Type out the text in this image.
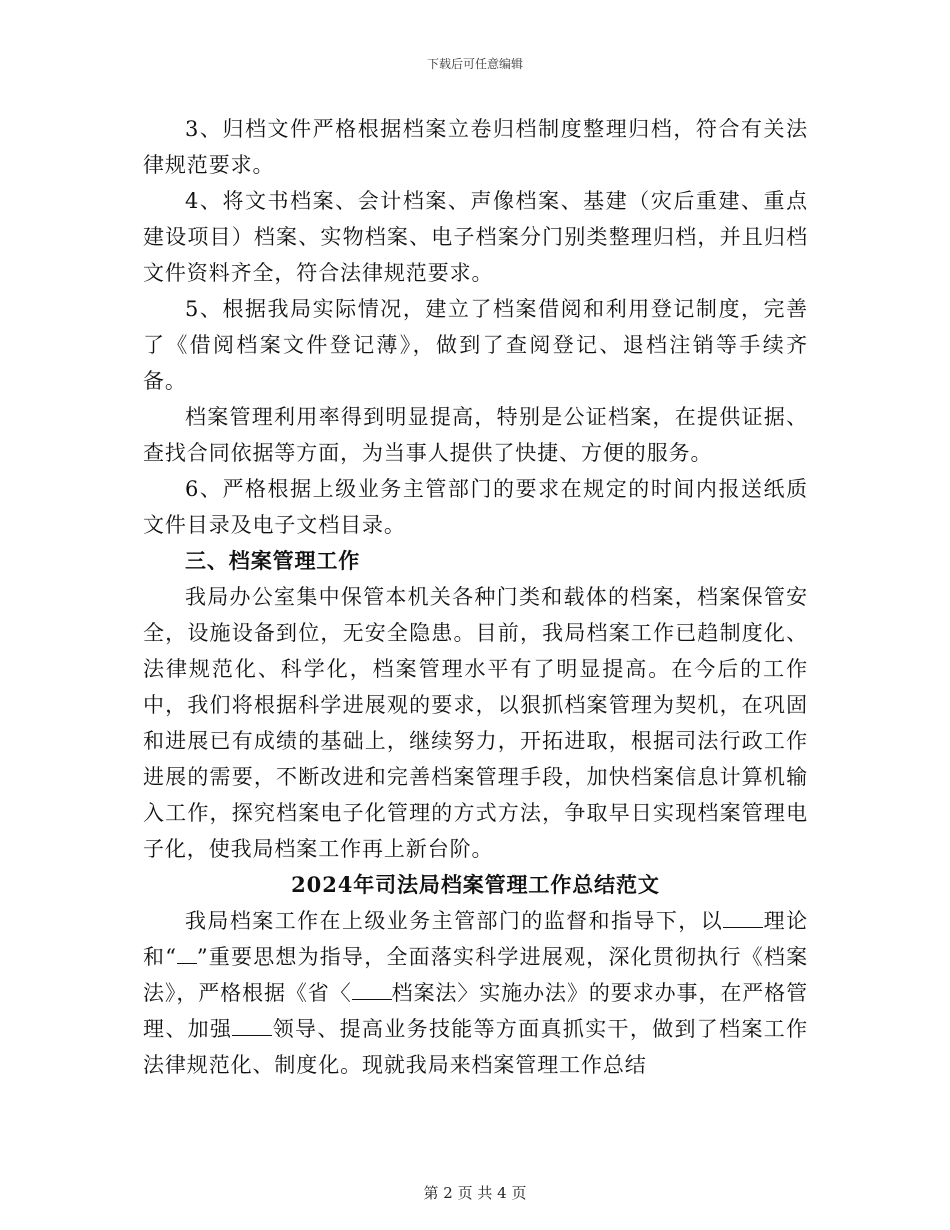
下载后可任意编辑

3、归档文件严格根据档案立卷归档制度整理归档，符合有关法律规范要求。

4、将文书档案、会计档案、声像档案、基建（灾后重建、重点建设项目）档案、实物档案、电子档案分门别类整理归档，并且归档文件资料齐全，符合法律规范要求。

5、根据我局实际情况，建立了档案借阅和利用登记制度，完善了《借阅档案文件登记薄》，做到了查阅登记、退档注销等手续齐备。

档案管理利用率得到明显提高，特别是公证档案，在提供证据、查找合同依据等方面，为当事人提供了快捷、方便的服务。

6、严格根据上级业务主管部门的要求在规定的时间内报送纸质文件目录及电子文档目录。

三、档案管理工作

我局办公室集中保管本机关各种门类和载体的档案，档案保管安全，设施设备到位，无安全隐患。目前，我局档案工作已趋制度化、法律规范化、科学化，档案管理水平有了明显提高。在今后的工作中，我们将根据科学进展观的要求，以狠抓档案管理为契机，在巩固和进展已有成绩的基础上，继续努力，开拓进取，根据司法行政工作进展的需要，不断改进和完善档案管理手段，加快档案信息计算机输入工作，探究档案电子化管理的方式方法，争取早日实现档案管理电子化，使我局档案工作再上新台阶。

2024年司法局档案管理工作总结范文

我局档案工作在上级业务主管部门的监督和指导下，以 理论和“ ”重要思想为指导，全面落实科学进展观，深化贯彻执行《档案法》，严格根据《省〈 档案法〉实施办法》的要求办事，在严格管理、加强 领导、提高业务技能等方面真抓实干，做到了档案工作法律规范化、制度化。现就我局来档案管理工作总结

第 2 页 共 4 页
